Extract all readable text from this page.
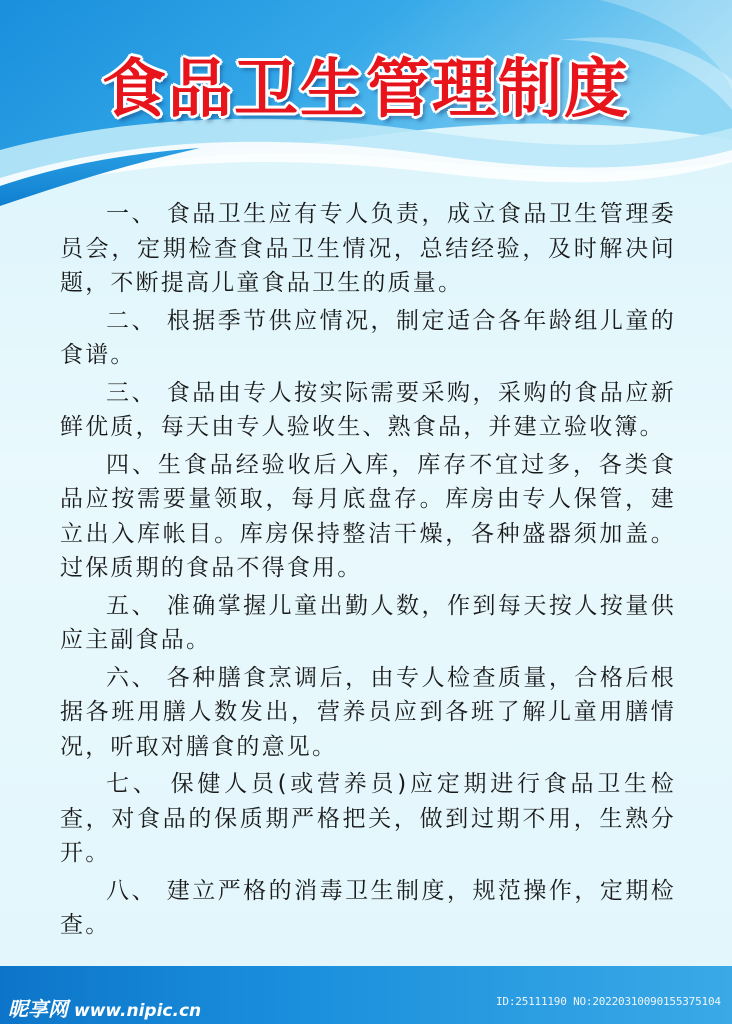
食品卫生管理制度

一、 食品卫生应有专人负责，成立食品卫生管理委员会，定期检查食品卫生情况，总结经验，及时解决问题，不断提高儿童食品卫生的质量。

二、 根据季节供应情况，制定适合各年龄组儿童的食谱。

三、 食品由专人按实际需要采购，采购的食品应新鲜优质，每天由专人验收生、熟食品，并建立验收簿。

四、生食品经验收后入库，库存不宜过多，各类食品应按需要量领取，每月底盘存。库房由专人保管，建立出入库帐目。库房保持整洁干燥，各种盛器须加盖。过保质期的食品不得食用。

五、 准确掌握儿童出勤人数，作到每天按人按量供应主副食品。

六、 各种膳食烹调后，由专人检查质量，合格后根据各班用膳人数发出，营养员应到各班了解儿童用膳情况，听取对膳食的意见。

七、 保健人员(或营养员)应定期进行食品卫生检查，对食品的保质期严格把关，做到过期不用，生熟分开。

八、 建立严格的消毒卫生制度，规范操作，定期检查。

昵享网 www.nipic.cn	ID:25111190 NO:20220310090155375104
